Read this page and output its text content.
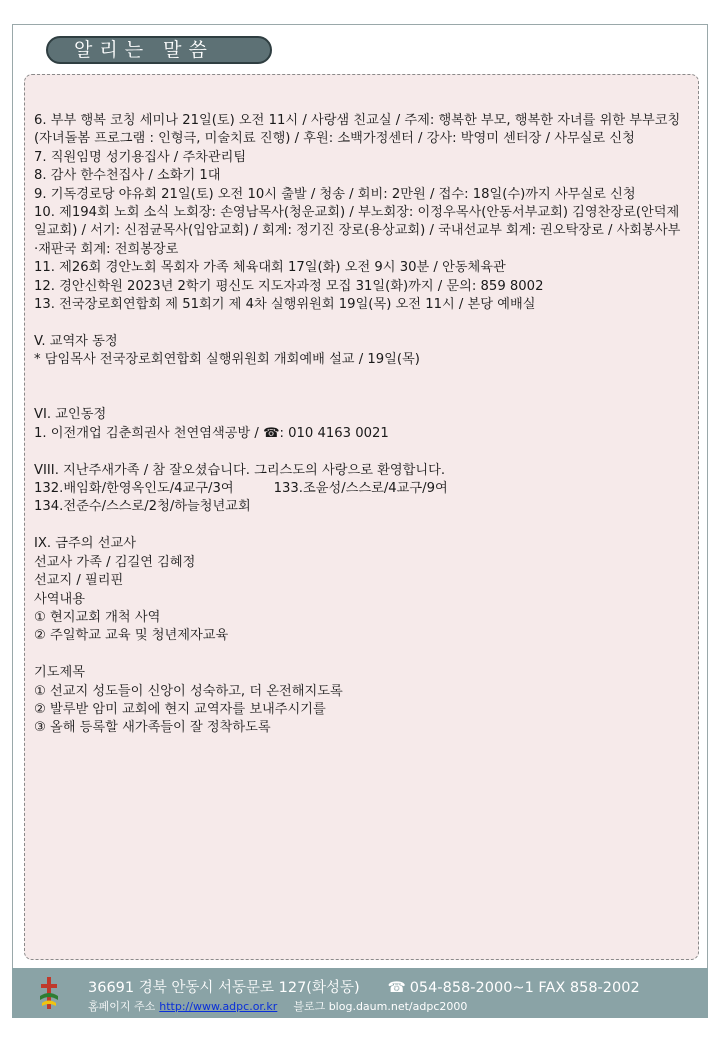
알리는 말씀

6. 부부 행복 코칭 세미나 21일(토) 오전 11시 / 사랑샘 친교실 / 주제: 행복한 부모, 행복한 자녀를 위한 부부코칭(자녀돌봄 프로그램 : 인형극, 미술치료 진행) / 후원: 소백가정센터 / 강사: 박영미 센터장 / 사무실로 신청

7. 직원임명 성기용집사 / 주차관리팀

8. 감사 한수천집사 / 소화기 1대

9. 기독경로당 야유회 21일(토) 오전 10시 출발 / 청송 / 회비: 2만원 / 접수: 18일(수)까지 사무실로 신청

10. 제194회 노회 소식 노회장: 손영남목사(청운교회) / 부노회장: 이정우목사(안동서부교회) 김영찬장로(안덕제일교회) / 서기: 신점균목사(입암교회) / 회계: 정기진 장로(용상교회) / 국내선교부 회계: 권오탁장로 / 사회봉사부·재판국 회계: 전희봉장로

11. 제26회 경안노회 목회자 가족 체육대회 17일(화) 오전 9시 30분 / 안동체육관

12. 경안신학원 2023년 2학기 평신도 지도자과정 모집 31일(화)까지 / 문의: 859 8002

13. 전국장로회연합회 제 51회기 제 4차 실행위원회 19일(목) 오전 11시 / 본당 예배실

V. 교역자 동정

* 담임목사 전국장로회연합회 실행위원회 개회예배 설교 / 19일(목)

VI. 교인동정

1. 이전개업 김춘희권사 천연염색공방 / ☎: 010 4163 0021

VIII. 지난주새가족 / 참 잘오셨습니다. 그리스도의 사랑으로 환영합니다.

132.배임화/한영옥인도/4교구/3여	133.조윤성/스스로/4교구/9여

134.전준수/스스로/2청/하늘청년교회

IX. 금주의 선교사

선교사 가족 / 김길연 김혜정

선교지 / 필리핀

사역내용

① 현지교회 개척 사역

② 주일학교 교육 및 청년제자교육

기도제목

① 선교지 성도들이 신앙이 성숙하고, 더 온전해지도록

② 발루받 암미 교회에 현지 교역자를 보내주시기를

③ 올해 등록할 새가족들이 잘 정착하도록

36691 경북 안동시 서동문로 127(화성동) ☎ 054-858-2000~1 FAX 858-2002
홈페이지 주소 http://www.adpc.or.kr 블로그 blog.daum.net/adpc2000
